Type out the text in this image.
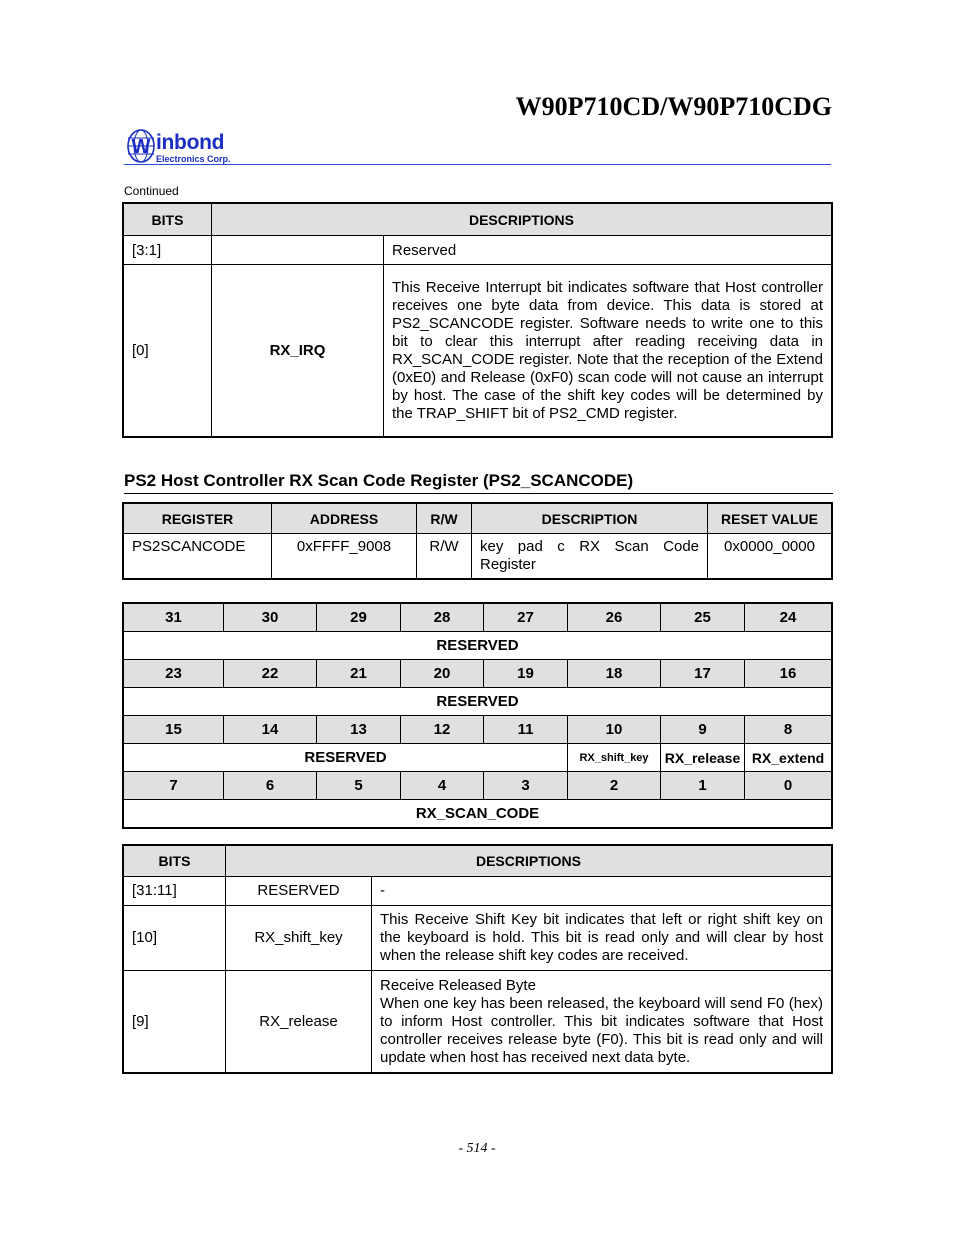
W90P710CD/W90P710CDG
W inbond
Electronics Corp.
Continued
BITS	DESCRIPTIONS	
[3:1]		Reserved
[0]	RX_IRQ	This Receive Interrupt bit indicates software that Host controller receives one byte data from device. This data is stored at PS2_SCANCODE register. Software needs to write one to this bit to clear this interrupt after reading receiving data in RX_SCAN_CODE register. Note that the reception of the Extend (0xE0) and Release (0xF0) scan code will not cause an interrupt by host. The case of the shift key codes will be determined by the TRAP_SHIFT bit of PS2_CMD register.
PS2 Host Controller RX Scan Code Register (PS2_SCANCODE)
REGISTER	ADDRESS	R/W	DESCRIPTION	RESET VALUE
PS2SCANCODE	0xFFFF_9008	R/W	key pad c RX Scan Code Register	0x0000_0000
31	30	29	28	27	26	25	24
RESERVED							
23	22	21	20	19	18	17	16
RESERVED							
15	14	13	12	11	10	9	8
RESERVED					RX_shift_key	RX_release	RX_extend
7	6	5	4	3	2	1	0
RX_SCAN_CODE							
BITS	DESCRIPTIONS	
[31:11]	RESERVED	-
[10]	RX_shift_key	This Receive Shift Key bit indicates that left or right shift key on the keyboard is hold. This bit is read only and will clear by host when the release shift key codes are received.
[9]	RX_release	Receive Released Byte
When one key has been released, the keyboard will send F0 (hex) to inform Host controller. This bit indicates software that Host controller receives release byte (F0). This bit is read only and will update when host has received next data byte.
- 514 -
